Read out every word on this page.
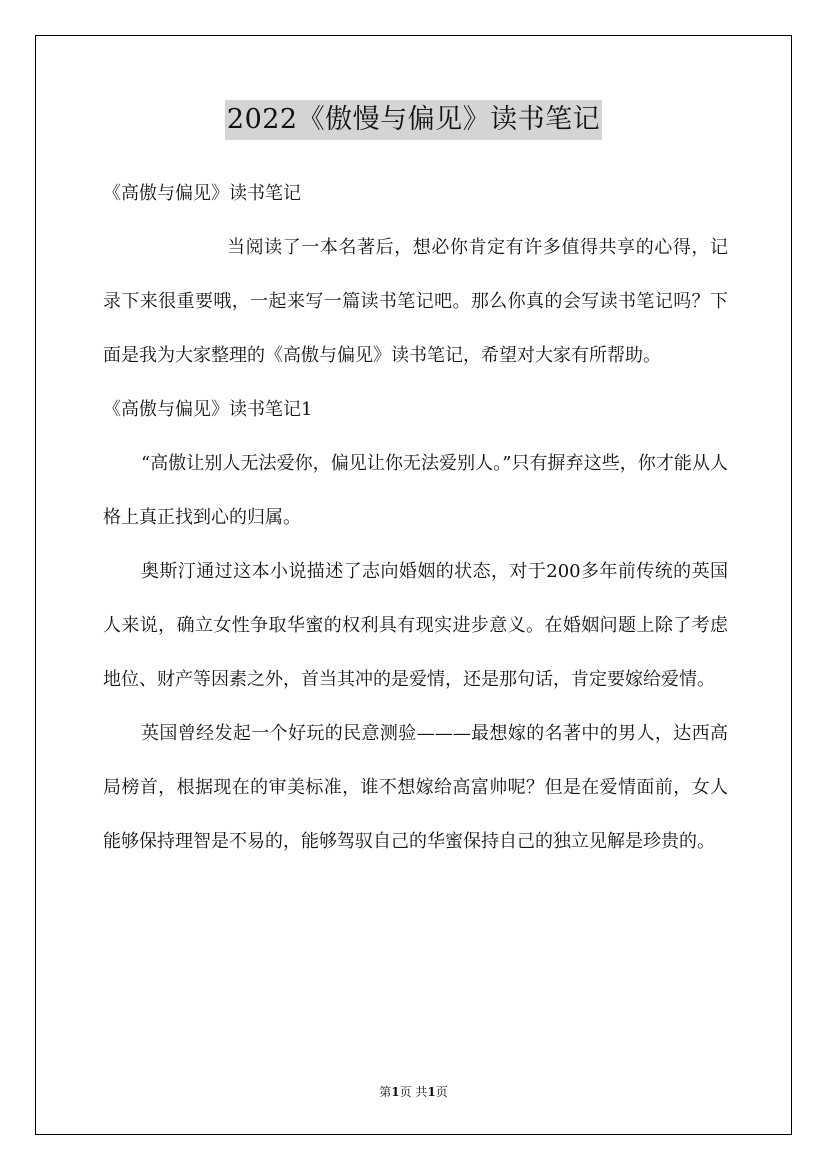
2022《傲慢与偏见》读书笔记

《高傲与偏见》读书笔记

当阅读了一本名著后，想必你肯定有许多值得共享的心得，记录下来很重要哦，一起来写一篇读书笔记吧。那么你真的会写读书笔记吗？下面是我为大家整理的《高傲与偏见》读书笔记，希望对大家有所帮助。

《高傲与偏见》读书笔记1

“高傲让别人无法爱你，偏见让你无法爱别人。”只有摒弃这些，你才能从人格上真正找到心的归属。

奥斯汀通过这本小说描述了志向婚姻的状态，对于200多年前传统的英国人来说，确立女性争取华蜜的权利具有现实进步意义。在婚姻问题上除了考虑地位、财产等因素之外，首当其冲的是爱情，还是那句话，肯定要嫁给爱情。

英国曾经发起一个好玩的民意测验———最想嫁的名著中的男人，达西高局榜首，根据现在的审美标准，谁不想嫁给高富帅呢？但是在爱情面前，女人能够保持理智是不易的，能够驾驭自己的华蜜保持自己的独立见解是珍贵的。

第1页 共1页
